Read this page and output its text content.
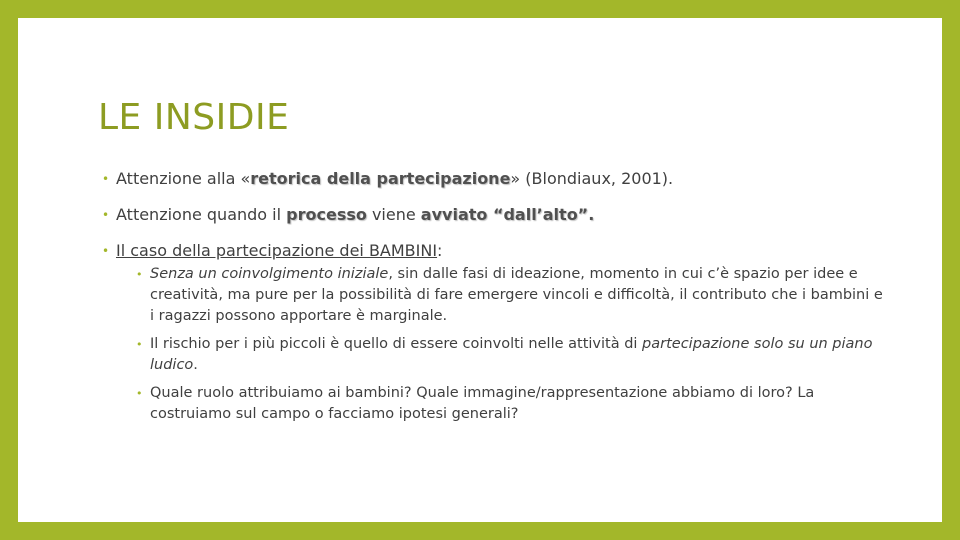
LE INSIDIE
• Attenzione alla «retorica della partecipazione» (Blondiaux, 2001).
• Attenzione quando il processo viene avviato “dall’alto”.
• Il caso della partecipazione dei BAMBINI:
• Senza un coinvolgimento iniziale, sin dalle fasi di ideazione, momento in cui c’è spazio per idee e creatività, ma pure per la possibilità di fare emergere vincoli e difficoltà, il contributo che i bambini e i ragazzi possono apportare è marginale.
• Il rischio per i più piccoli è quello di essere coinvolti nelle attività di partecipazione solo su un piano ludico.
• Quale ruolo attribuiamo ai bambini? Quale immagine/rappresentazione abbiamo di loro? La costruiamo sul campo o facciamo ipotesi generali?
